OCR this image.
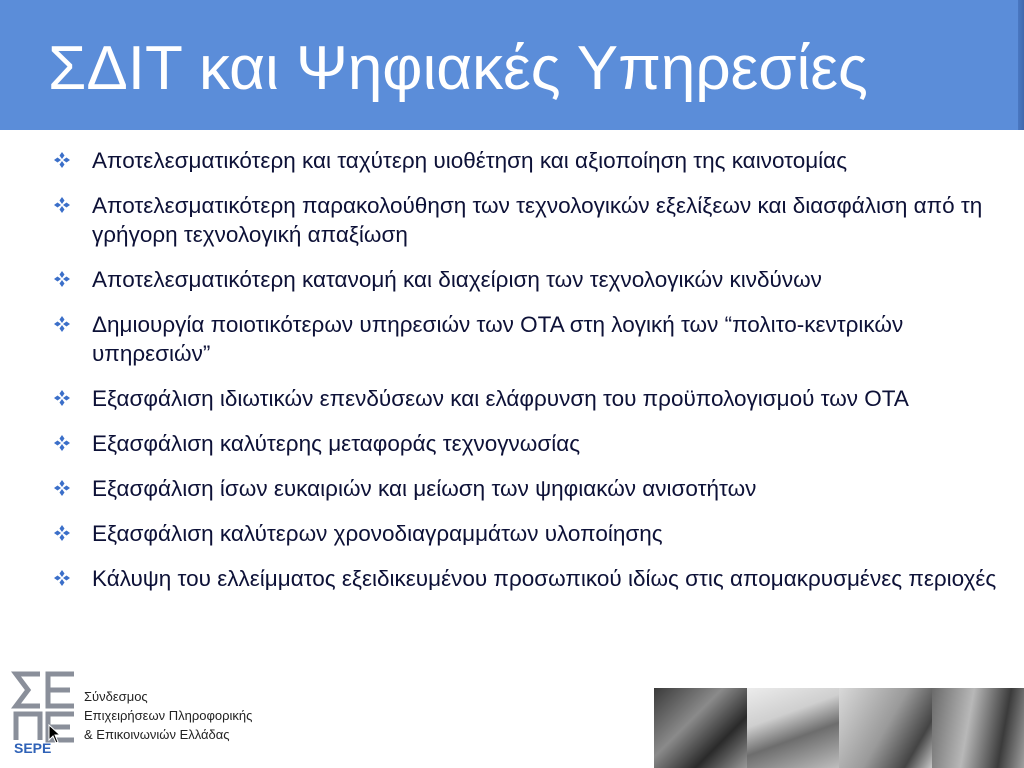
ΣΔΙΤ και Ψηφιακές Υπηρεσίες
Αποτελεσματικότερη και ταχύτερη υιοθέτηση και αξιοποίηση της καινοτομίας
Αποτελεσματικότερη παρακολούθηση των τεχνολογικών εξελίξεων και διασφάλιση από τη γρήγορη τεχνολογική απαξίωση
Αποτελεσματικότερη κατανομή και διαχείριση των τεχνολογικών κινδύνων
Δημιουργία ποιοτικότερων υπηρεσιών των ΟΤΑ στη λογική των “πολιτο-κεντρικών υπηρεσιών”
Εξασφάλιση ιδιωτικών επενδύσεων και ελάφρυνση του προϋπολογισμού των ΟΤΑ
Εξασφάλιση καλύτερης μεταφοράς τεχνογνωσίας
Εξασφάλιση ίσων ευκαιριών και μείωση των ψηφιακών ανισοτήτων
Εξασφάλιση καλύτερων χρονοδιαγραμμάτων υλοποίησης
Κάλυψη του ελλείμματος εξειδικευμένου προσωπικού ιδίως στις απομακρυσμένες περιοχές
SEPE
Σύνδεσμος
Επιχειρήσεων Πληροφορικής
& Επικοινωνιών Ελλάδας
